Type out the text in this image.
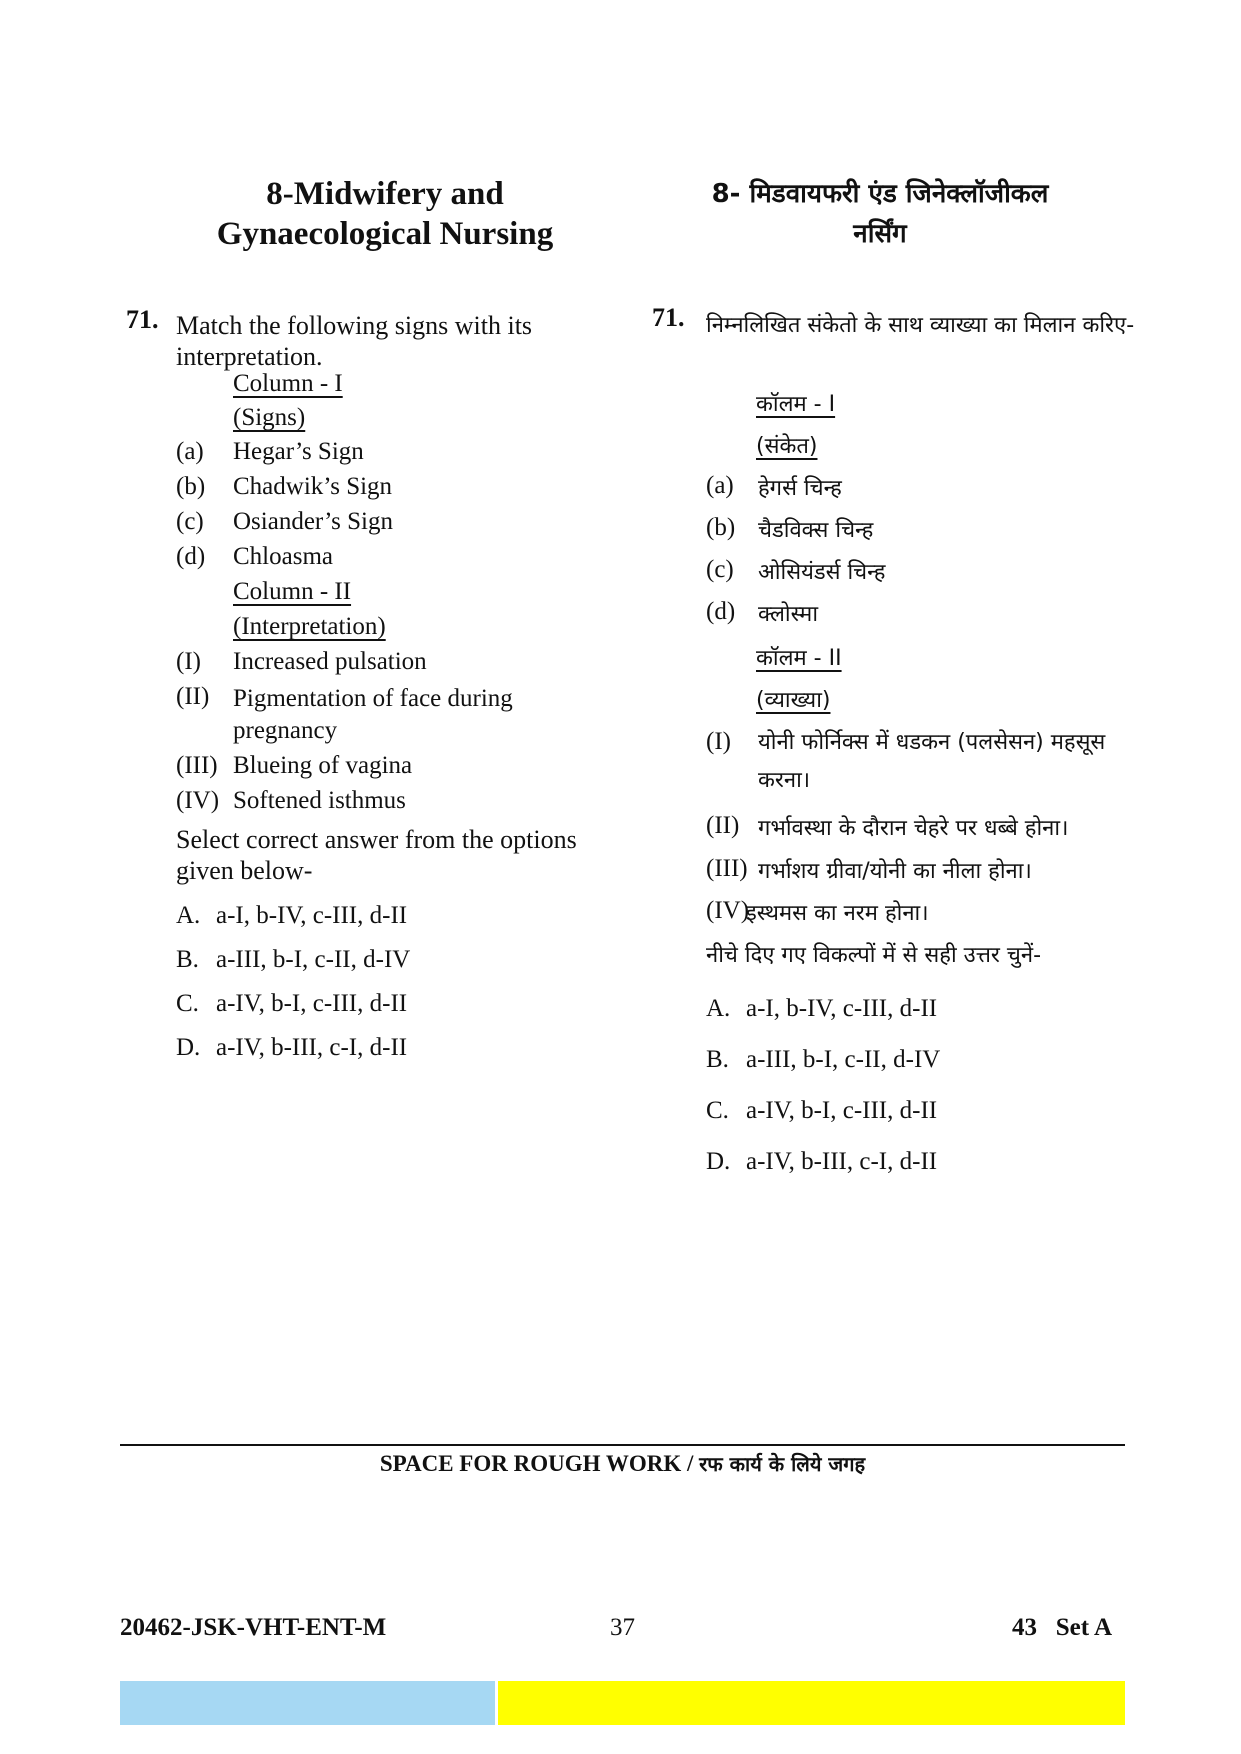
8-Midwifery and
Gynaecological Nursing
71. Match the following signs with its interpretation.
Column - I
(Signs)
(a) Hegar’s Sign
(b) Chadwik’s Sign
(c) Osiander’s Sign
(d) Chloasma
Column - II
(Interpretation)
(I) Increased pulsation
(II) Pigmentation of face during pregnancy
(III) Blueing of vagina
(IV) Softened isthmus
Select correct answer from the options given below-
A. a-I, b-IV, c-III, d-II
B. a-III, b-I, c-II, d-IV
C. a-IV, b-I, c-III, d-II
D. a-IV, b-III, c-I, d-II
8- मिडवायफरी एंड जिनेक्लॉजीकल
नर्सिंग
71. निम्नलिखित संकेतो के साथ व्याख्या का मिलान करिए-
कॉलम - I
(संकेत)
(a) हेगर्स चिन्ह
(b) चैडविक्स चिन्ह
(c) ओसियंडर्स चिन्ह
(d) क्लोस्मा
कॉलम - II
(व्याख्या)
(I) योनी फोर्निक्स में धडकन (पलसेसन) महसूस करना।
(II) गर्भावस्था के दौरान चेहरे पर धब्बे होना।
(III) गर्भाशय ग्रीवा/योनी का नीला होना।
(IV)
इस्थमस का नरम होना।
नीचे दिए गए विकल्पों में से सही उत्तर चुनें-
A. a-I, b-IV, c-III, d-II
B. a-III, b-I, c-II, d-IV
C. a-IV, b-I, c-III, d-II
D. a-IV, b-III, c-I, d-II
SPACE FOR ROUGH WORK / रफ कार्य के लिये जगह
20462-JSK-VHT-ENT-M	37	43   Set A
